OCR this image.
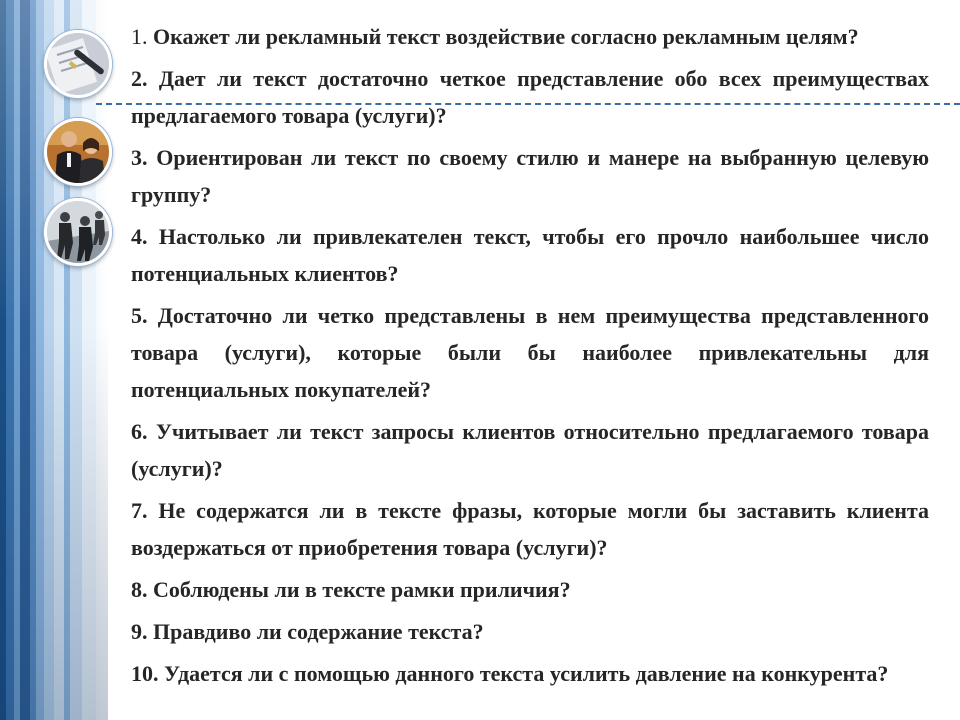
1. Окажет ли рекламный текст воздействие согласно рекламным целям?

2. Дает ли текст достаточно четкое представление обо всех преимуществах предлагаемого товара (услуги)?

3. Ориентирован ли текст по своему стилю и манере на выбранную целевую группу?

4. Настолько ли привлекателен текст, чтобы его прочло наибольшее число потенциальных клиентов?

5. Достаточно ли четко представлены в нем преимущества представленного товара (услуги), которые были бы наиболее привлекательны для потенциальных покупателей?

6. Учитывает ли текст запросы клиентов относительно предлагаемого товара (услуги)?

7. Не содержатся ли в тексте фразы, которые могли бы заставить клиента воздержаться от приобретения товара (услуги)?

8. Соблюдены ли в тексте рамки приличия?

9. Правдиво ли содержание текста?

10. Удается ли с помощью данного текста усилить давление на конкурента?
